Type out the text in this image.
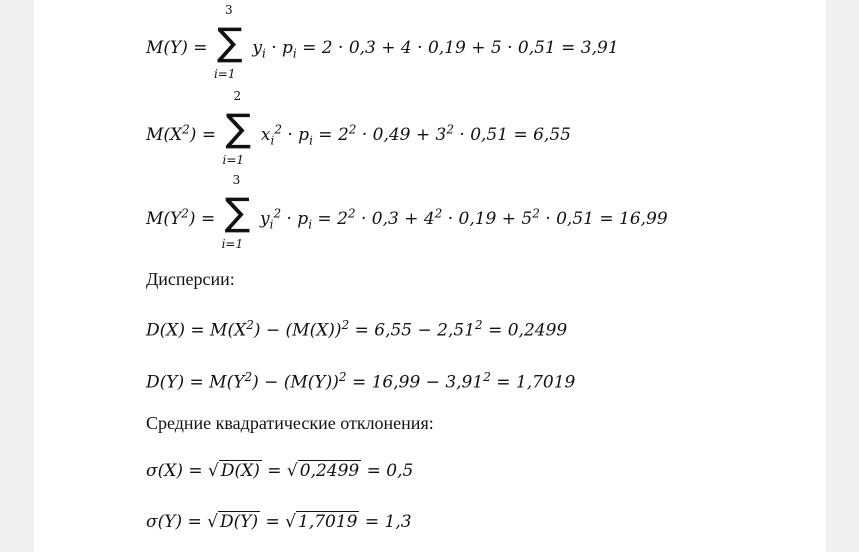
M(Y) =
3
∑
i=1
$y_i \cdot p_i = 2 \cdot 0,3 + 4 \cdot 0,19 + 5 \cdot 0,51 = 3,91$
$M(X^2)$ =
2
∑
i=1
$x_i^2 \cdot p_i = 2^2 \cdot 0,49 + 3^2 \cdot 0,51 = 6,55$
$M(Y^2)$ =
3
∑
i=1
$y_i^2 \cdot p_i = 2^2 \cdot 0,3 + 4^2 \cdot 0,19 + 5^2 \cdot 0,51 = 16,99$
Дисперсии:
$D(X) = M(X^2) - (M(X))^2 = 6,55 - 2,51^2 = 0,2499$
$D(Y) = M(Y^2) - (M(Y))^2 = 16,99 - 3,91^2 = 1,7019$
Средние квадратические отклонения:
σ(X) = √ D(X) = √ 0,2499 = 0,5
σ(Y) = √ D(Y) = √ 1,7019 = 1,3
